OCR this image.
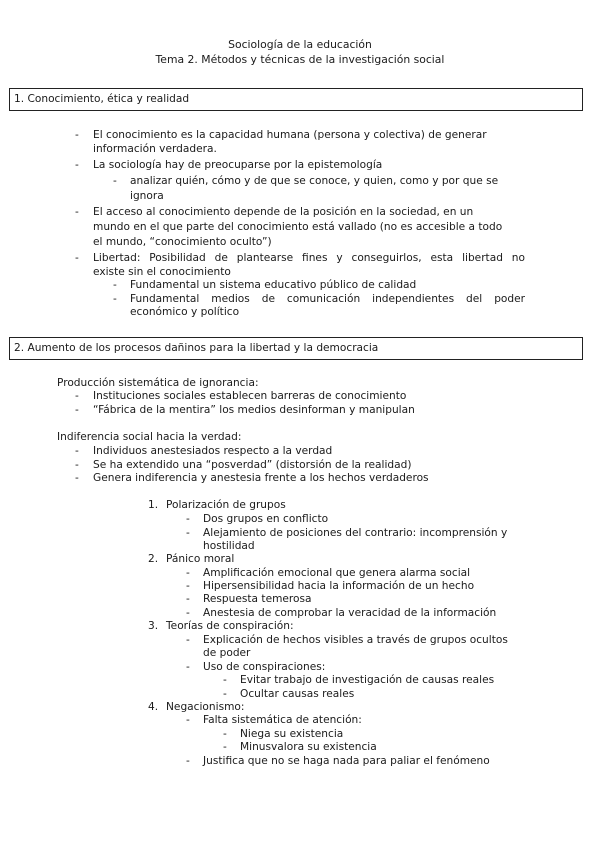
Sociología de la educación
Tema 2. Métodos y técnicas de la investigación social
1. Conocimiento, ética y realidad
- El conocimiento es la capacidad humana (persona y colectiva) de generar
información verdadera.
- La sociología hay de preocuparse por la epistemología
- analizar quién, cómo y de que se conoce, y quien, como y por que se
ignora
- El acceso al conocimiento depende de la posición en la sociedad, en un
mundo en el que parte del conocimiento está vallado (no es accesible a todo
el mundo, “conocimiento oculto”)
- Libertad: Posibilidad de plantearse fines y conseguirlos, esta libertad no
existe sin el conocimiento
- Fundamental un sistema educativo público de calidad
- Fundamental medios de comunicación independientes del poder
económico y político
2. Aumento de los procesos dañinos para la libertad y la democracia
Producción sistemática de ignorancia:
- Instituciones sociales establecen barreras de conocimiento
- “Fábrica de la mentira” los medios desinforman y manipulan
Indiferencia social hacia la verdad:
- Individuos anestesiados respecto a la verdad
- Se ha extendido una “posverdad” (distorsión de la realidad)
- Genera indiferencia y anestesia frente a los hechos verdaderos
1. Polarización de grupos
- Dos grupos en conflicto
- Alejamiento de posiciones del contrario: incomprensión y
hostilidad
2. Pánico moral
- Amplificación emocional que genera alarma social
- Hipersensibilidad hacia la información de un hecho
- Respuesta temerosa
- Anestesia de comprobar la veracidad de la información
3. Teorías de conspiración:
- Explicación de hechos visibles a través de grupos ocultos
de poder
- Uso de conspiraciones:
- Evitar trabajo de investigación de causas reales
- Ocultar causas reales
4. Negacionismo:
- Falta sistemática de atención:
- Niega su existencia
- Minusvalora su existencia
- Justifica que no se haga nada para paliar el fenómeno
